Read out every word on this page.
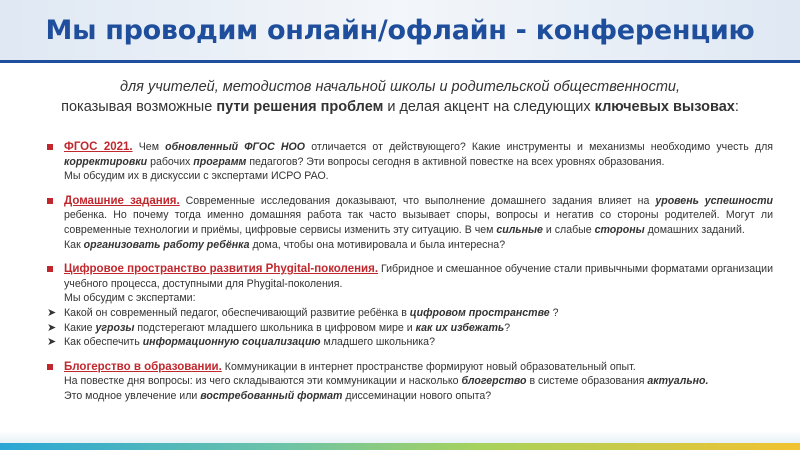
Мы проводим онлайн/офлайн - конференцию
для учителей, методистов начальной школы и родительской общественности,
показывая возможные пути решения проблем и делая акцент на следующих ключевых вызовах:
ФГОС 2021. Чем обновленный ФГОС НОО отличается от действующего? Какие инструменты и механизмы необходимо учесть для корректировки рабочих программ педагогов? Эти вопросы сегодня в активной повестке на всех уровнях образования.
Мы обсудим их в дискуссии с экспертами ИСРО РАО.
Домашние задания. Современные исследования доказывают, что выполнение домашнего задания влияет на уровень успешности ребенка. Но почему тогда именно домашняя работа так часто вызывает споры, вопросы и негатив со стороны родителей. Могут ли современные технологии и приёмы, цифровые сервисы изменить эту ситуацию. В чем сильные и слабые стороны домашних заданий.
Как организовать работу ребёнка дома, чтобы она мотивировала и была интересна?
Цифровое пространство развития Phygital-поколения. Гибридное и смешанное обучение стали привычными форматами организации учебного процесса, доступными для Phygital-поколения.
Мы обсудим с экспертами:
➤ Какой он современный педагог, обеспечивающий развитие ребёнка в цифровом пространстве ?
➤ Какие угрозы подстерегают младшего школьника в цифровом мире и как их избежать?
➤ Как обеспечить информационную социализацию младшего школьника?
Блогерство в образовании. Коммуникации в интернет пространстве формируют новый образовательный опыт.
На повестке дня вопросы: из чего складываются эти коммуникации и насколько блогерство в системе образования актуально.
Это модное увлечение или востребованный формат диссеминации нового опыта?
